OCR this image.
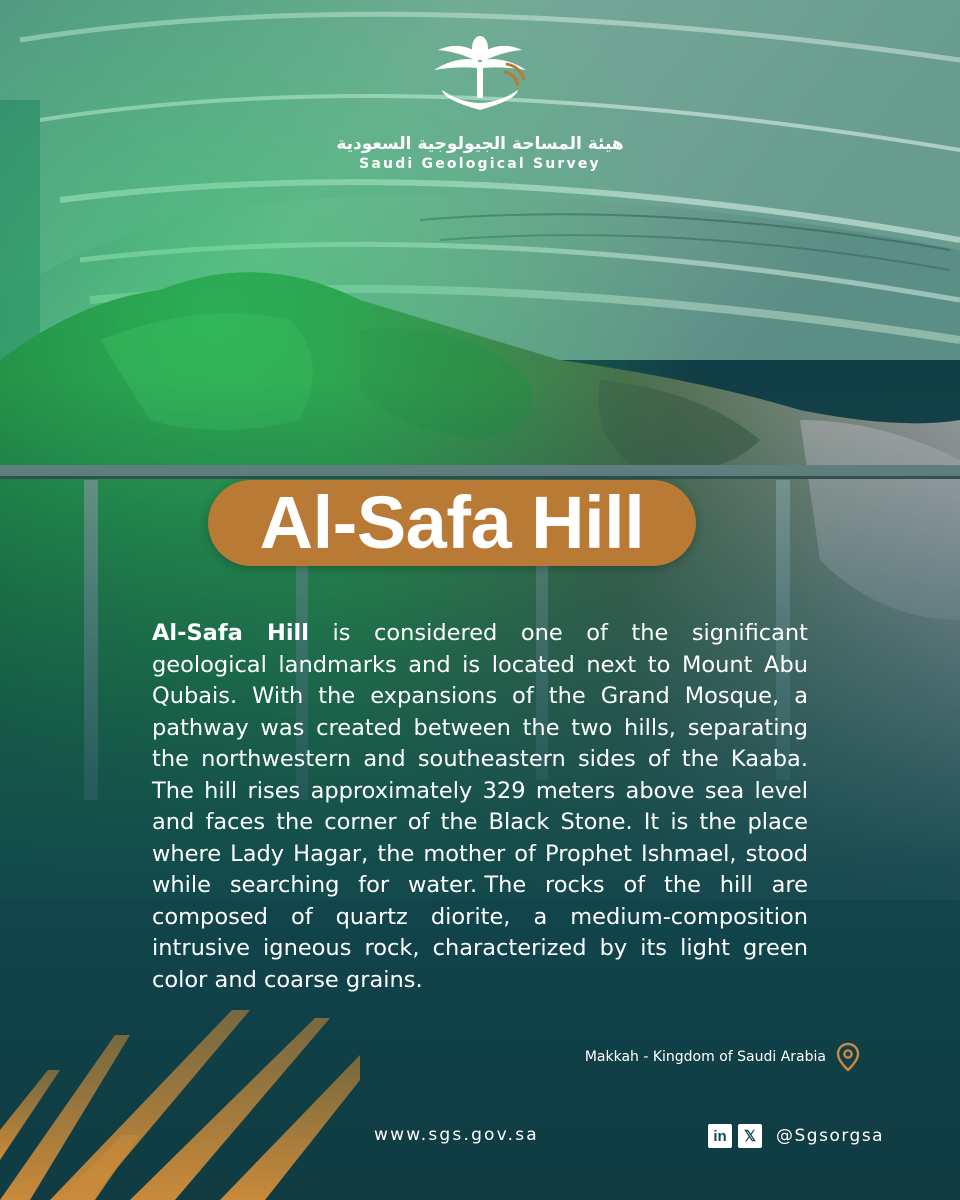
هيئة المساحة الجيولوجية السعودية
Saudi Geological Survey
Al-Safa Hill
Al-Safa Hill is considered one of the significant geological landmarks and is located next to Mount Abu Qubais. With the expansions of the Grand Mosque, a pathway was created between the two hills, separating the northwestern and southeastern sides of the Kaaba. The hill rises approximately 329 meters above sea level and faces the corner of the Black Stone. It is the place where Lady Hagar, the mother of Prophet Ishmael, stood while searching for water. The rocks of the hill are composed of quartz diorite, a medium-composition intrusive igneous rock, characterized by its light green color and coarse grains.
Makkah - Kingdom of Saudi Arabia
www.sgs.gov.sa	in	𝕏	@Sgsorgsa
